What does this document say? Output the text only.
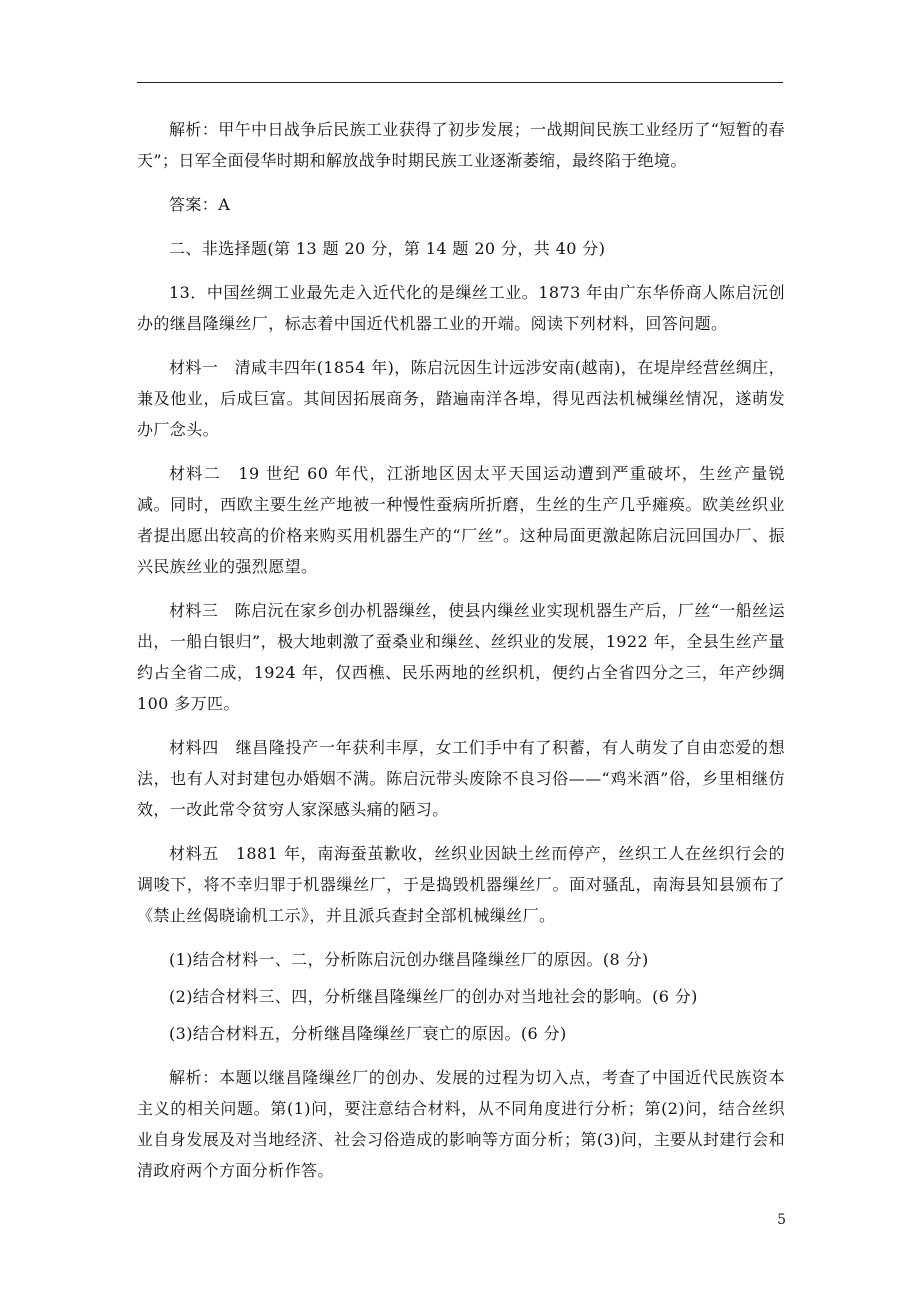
解析：甲午中日战争后民族工业获得了初步发展；一战期间民族工业经历了“短暂的春天”；日军全面侵华时期和解放战争时期民族工业逐渐萎缩，最终陷于绝境。

答案：A

二、非选择题(第 13 题 20 分，第 14 题 20 分，共 40 分)

13．中国丝绸工业最先走入近代化的是缫丝工业。1873 年由广东华侨商人陈启沅创办的继昌隆缫丝厂，标志着中国近代机器工业的开端。阅读下列材料，回答问题。

材料一　清咸丰四年(1854 年)，陈启沅因生计远涉安南(越南)，在堤岸经营丝绸庄，兼及他业，后成巨富。其间因拓展商务，踏遍南洋各埠，得见西法机械缫丝情况，遂萌发办厂念头。

材料二　19 世纪 60 年代，江浙地区因太平天国运动遭到严重破坏，生丝产量锐减。同时，西欧主要生丝产地被一种慢性蚕病所折磨，生丝的生产几乎瘫痪。欧美丝织业者提出愿出较高的价格来购买用机器生产的“厂丝”。这种局面更激起陈启沅回国办厂、振兴民族丝业的强烈愿望。

材料三　陈启沅在家乡创办机器缫丝，使县内缫丝业实现机器生产后，厂丝“一船丝运出，一船白银归”，极大地刺激了蚕桑业和缫丝、丝织业的发展，1922 年，全县生丝产量约占全省二成，1924 年，仅西樵、民乐两地的丝织机，便约占全省四分之三，年产纱绸 100 多万匹。

材料四　继昌隆投产一年获利丰厚，女工们手中有了积蓄，有人萌发了自由恋爱的想法，也有人对封建包办婚姻不满。陈启沅带头废除不良习俗——“鸡米酒”俗，乡里相继仿效，一改此常令贫穷人家深感头痛的陋习。

材料五　1881 年，南海蚕茧歉收，丝织业因缺土丝而停产，丝织工人在丝织行会的调唆下，将不幸归罪于机器缫丝厂，于是捣毁机器缫丝厂。面对骚乱，南海县知县颁布了《禁止丝偈晓谕机工示》，并且派兵查封全部机械缫丝厂。

(1)结合材料一、二，分析陈启沅创办继昌隆缫丝厂的原因。(8 分)

(2)结合材料三、四，分析继昌隆缫丝厂的创办对当地社会的影响。(6 分)

(3)结合材料五，分析继昌隆缫丝厂衰亡的原因。(6 分)

解析：本题以继昌隆缫丝厂的创办、发展的过程为切入点，考查了中国近代民族资本主义的相关问题。第(1)问，要注意结合材料，从不同角度进行分析；第(2)问，结合丝织业自身发展及对当地经济、社会习俗造成的影响等方面分析；第(3)问，主要从封建行会和清政府两个方面分析作答。

5
